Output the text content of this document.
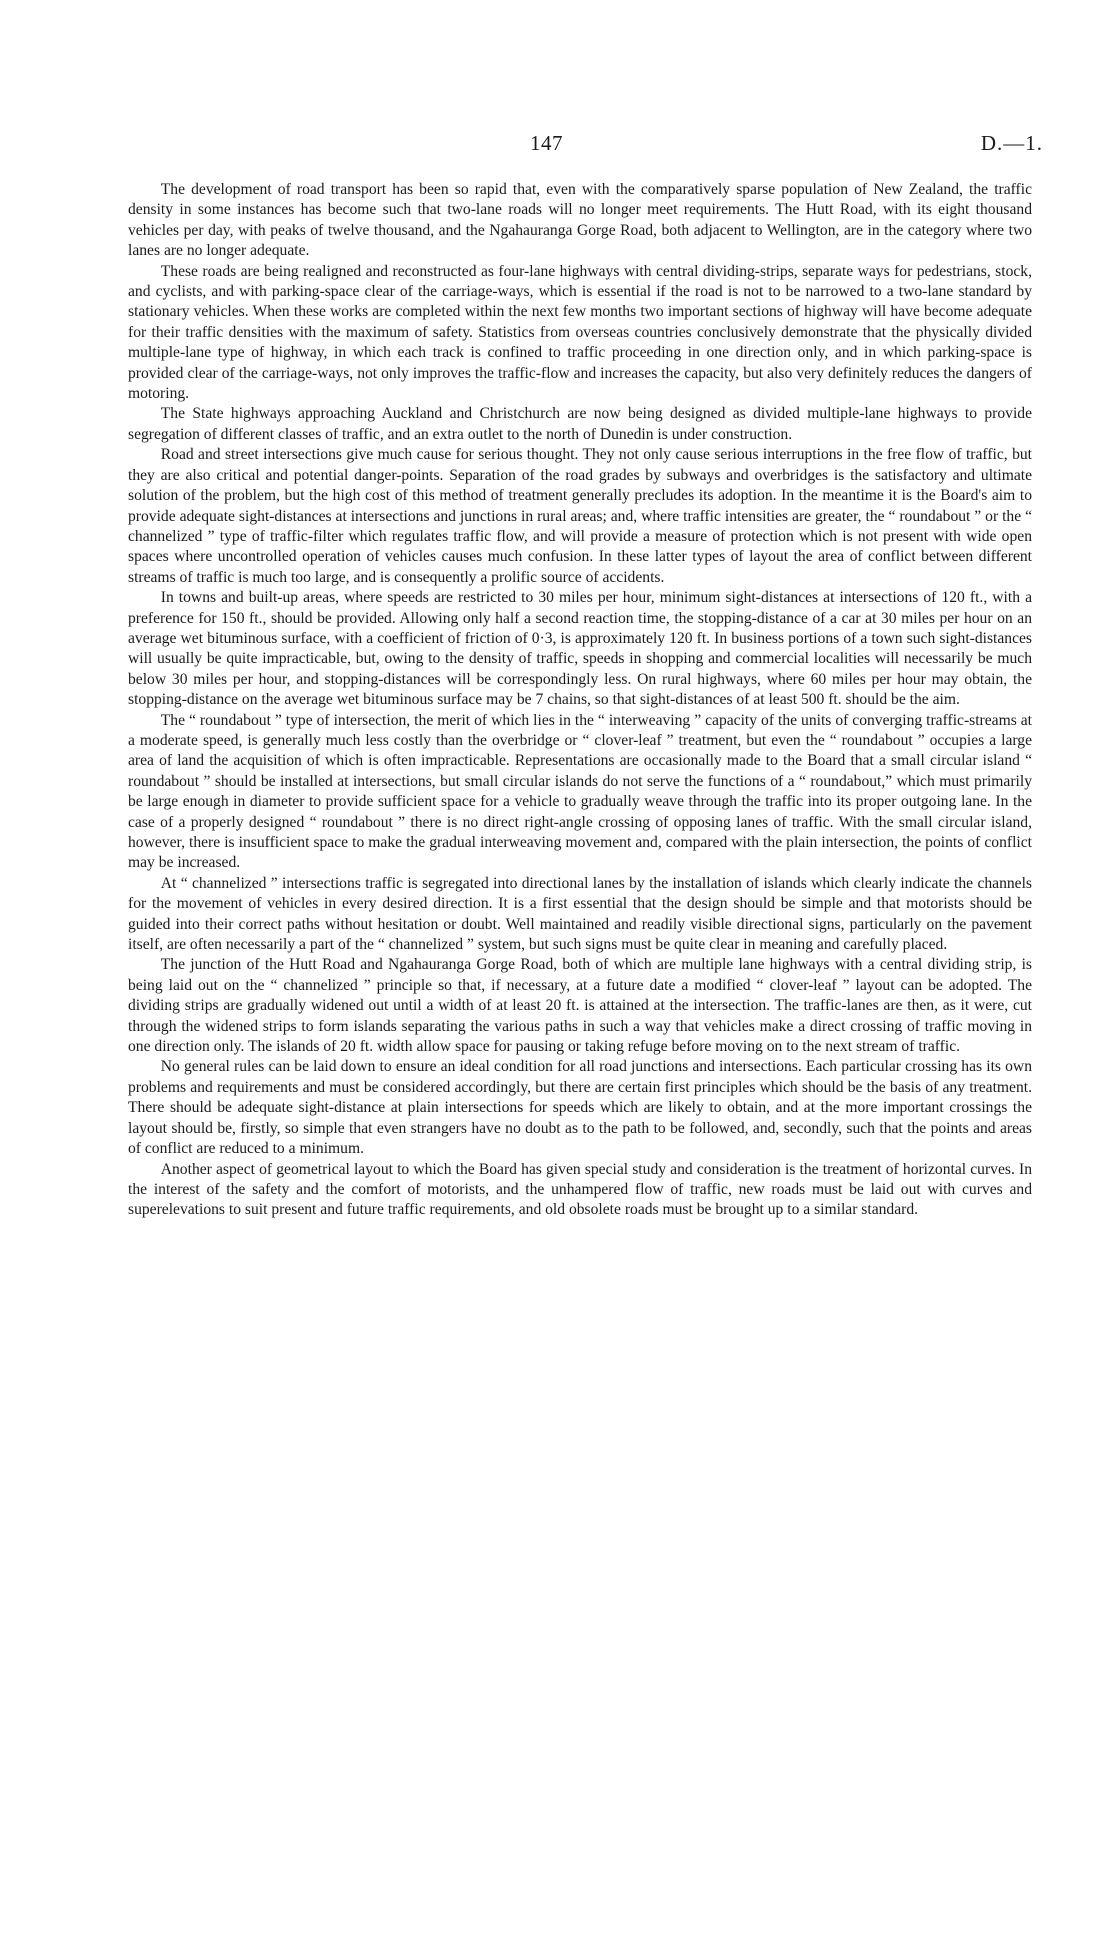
147	D.—1.

The development of road transport has been so rapid that, even with the comparatively sparse population of New Zealand, the traffic density in some instances has become such that two-lane roads will no longer meet requirements. The Hutt Road, with its eight thousand vehicles per day, with peaks of twelve thousand, and the Ngahauranga Gorge Road, both adjacent to Wellington, are in the category where two lanes are no longer adequate.

These roads are being realigned and reconstructed as four-lane highways with central dividing-strips, separate ways for pedestrians, stock, and cyclists, and with parking-space clear of the carriage-ways, which is essential if the road is not to be narrowed to a two-lane standard by stationary vehicles. When these works are completed within the next few months two important sections of highway will have become adequate for their traffic densities with the maximum of safety. Statistics from overseas countries conclusively demonstrate that the physically divided multiple-lane type of highway, in which each track is confined to traffic proceeding in one direction only, and in which parking-space is provided clear of the carriage-ways, not only improves the traffic-flow and increases the capacity, but also very definitely reduces the dangers of motoring.

The State highways approaching Auckland and Christchurch are now being designed as divided multiple-lane highways to provide segregation of different classes of traffic, and an extra outlet to the north of Dunedin is under construction.

Road and street intersections give much cause for serious thought. They not only cause serious interruptions in the free flow of traffic, but they are also critical and potential danger-points. Separation of the road grades by subways and overbridges is the satisfactory and ultimate solution of the problem, but the high cost of this method of treatment generally precludes its adoption. In the meantime it is the Board's aim to provide adequate sight-distances at intersections and junctions in rural areas; and, where traffic intensities are greater, the “ roundabout ” or the “ channelized ” type of traffic-filter which regulates traffic flow, and will provide a measure of protection which is not present with wide open spaces where uncontrolled operation of vehicles causes much confusion. In these latter types of layout the area of conflict between different streams of traffic is much too large, and is consequently a prolific source of accidents.

In towns and built-up areas, where speeds are restricted to 30 miles per hour, minimum sight-distances at intersections of 120 ft., with a preference for 150 ft., should be provided. Allowing only half a second reaction time, the stopping-distance of a car at 30 miles per hour on an average wet bituminous surface, with a coefficient of friction of 0·3, is approximately 120 ft. In business portions of a town such sight-distances will usually be quite impracticable, but, owing to the density of traffic, speeds in shopping and commercial localities will necessarily be much below 30 miles per hour, and stopping-distances will be correspondingly less. On rural highways, where 60 miles per hour may obtain, the stopping-distance on the average wet bituminous surface may be 7 chains, so that sight-distances of at least 500 ft. should be the aim.

The “ roundabout ” type of intersection, the merit of which lies in the “ interweaving ” capacity of the units of converging traffic-streams at a moderate speed, is generally much less costly than the overbridge or “ clover-leaf ” treatment, but even the “ roundabout ” occupies a large area of land the acquisition of which is often impracticable. Representations are occasionally made to the Board that a small circular island “ roundabout ” should be installed at intersections, but small circular islands do not serve the functions of a “ roundabout,” which must primarily be large enough in diameter to provide sufficient space for a vehicle to gradually weave through the traffic into its proper outgoing lane. In the case of a properly designed “ roundabout ” there is no direct right-angle crossing of opposing lanes of traffic. With the small circular island, however, there is insufficient space to make the gradual interweaving movement and, compared with the plain intersection, the points of conflict may be increased.

At “ channelized ” intersections traffic is segregated into directional lanes by the installation of islands which clearly indicate the channels for the movement of vehicles in every desired direction. It is a first essential that the design should be simple and that motorists should be guided into their correct paths without hesitation or doubt. Well maintained and readily visible directional signs, particularly on the pavement itself, are often necessarily a part of the “ channelized ” system, but such signs must be quite clear in meaning and carefully placed.

The junction of the Hutt Road and Ngahauranga Gorge Road, both of which are multiple lane highways with a central dividing strip, is being laid out on the “ channelized ” principle so that, if necessary, at a future date a modified “ clover-leaf ” layout can be adopted. The dividing strips are gradually widened out until a width of at least 20 ft. is attained at the intersection. The traffic-lanes are then, as it were, cut through the widened strips to form islands separating the various paths in such a way that vehicles make a direct crossing of traffic moving in one direction only. The islands of 20 ft. width allow space for pausing or taking refuge before moving on to the next stream of traffic.

No general rules can be laid down to ensure an ideal condition for all road junctions and intersections. Each particular crossing has its own problems and requirements and must be considered accordingly, but there are certain first principles which should be the basis of any treatment. There should be adequate sight-distance at plain intersections for speeds which are likely to obtain, and at the more important crossings the layout should be, firstly, so simple that even strangers have no doubt as to the path to be followed, and, secondly, such that the points and areas of conflict are reduced to a minimum.

Another aspect of geometrical layout to which the Board has given special study and consideration is the treatment of horizontal curves. In the interest of the safety and the comfort of motorists, and the unhampered flow of traffic, new roads must be laid out with curves and superelevations to suit present and future traffic requirements, and old obsolete roads must be brought up to a similar standard.
